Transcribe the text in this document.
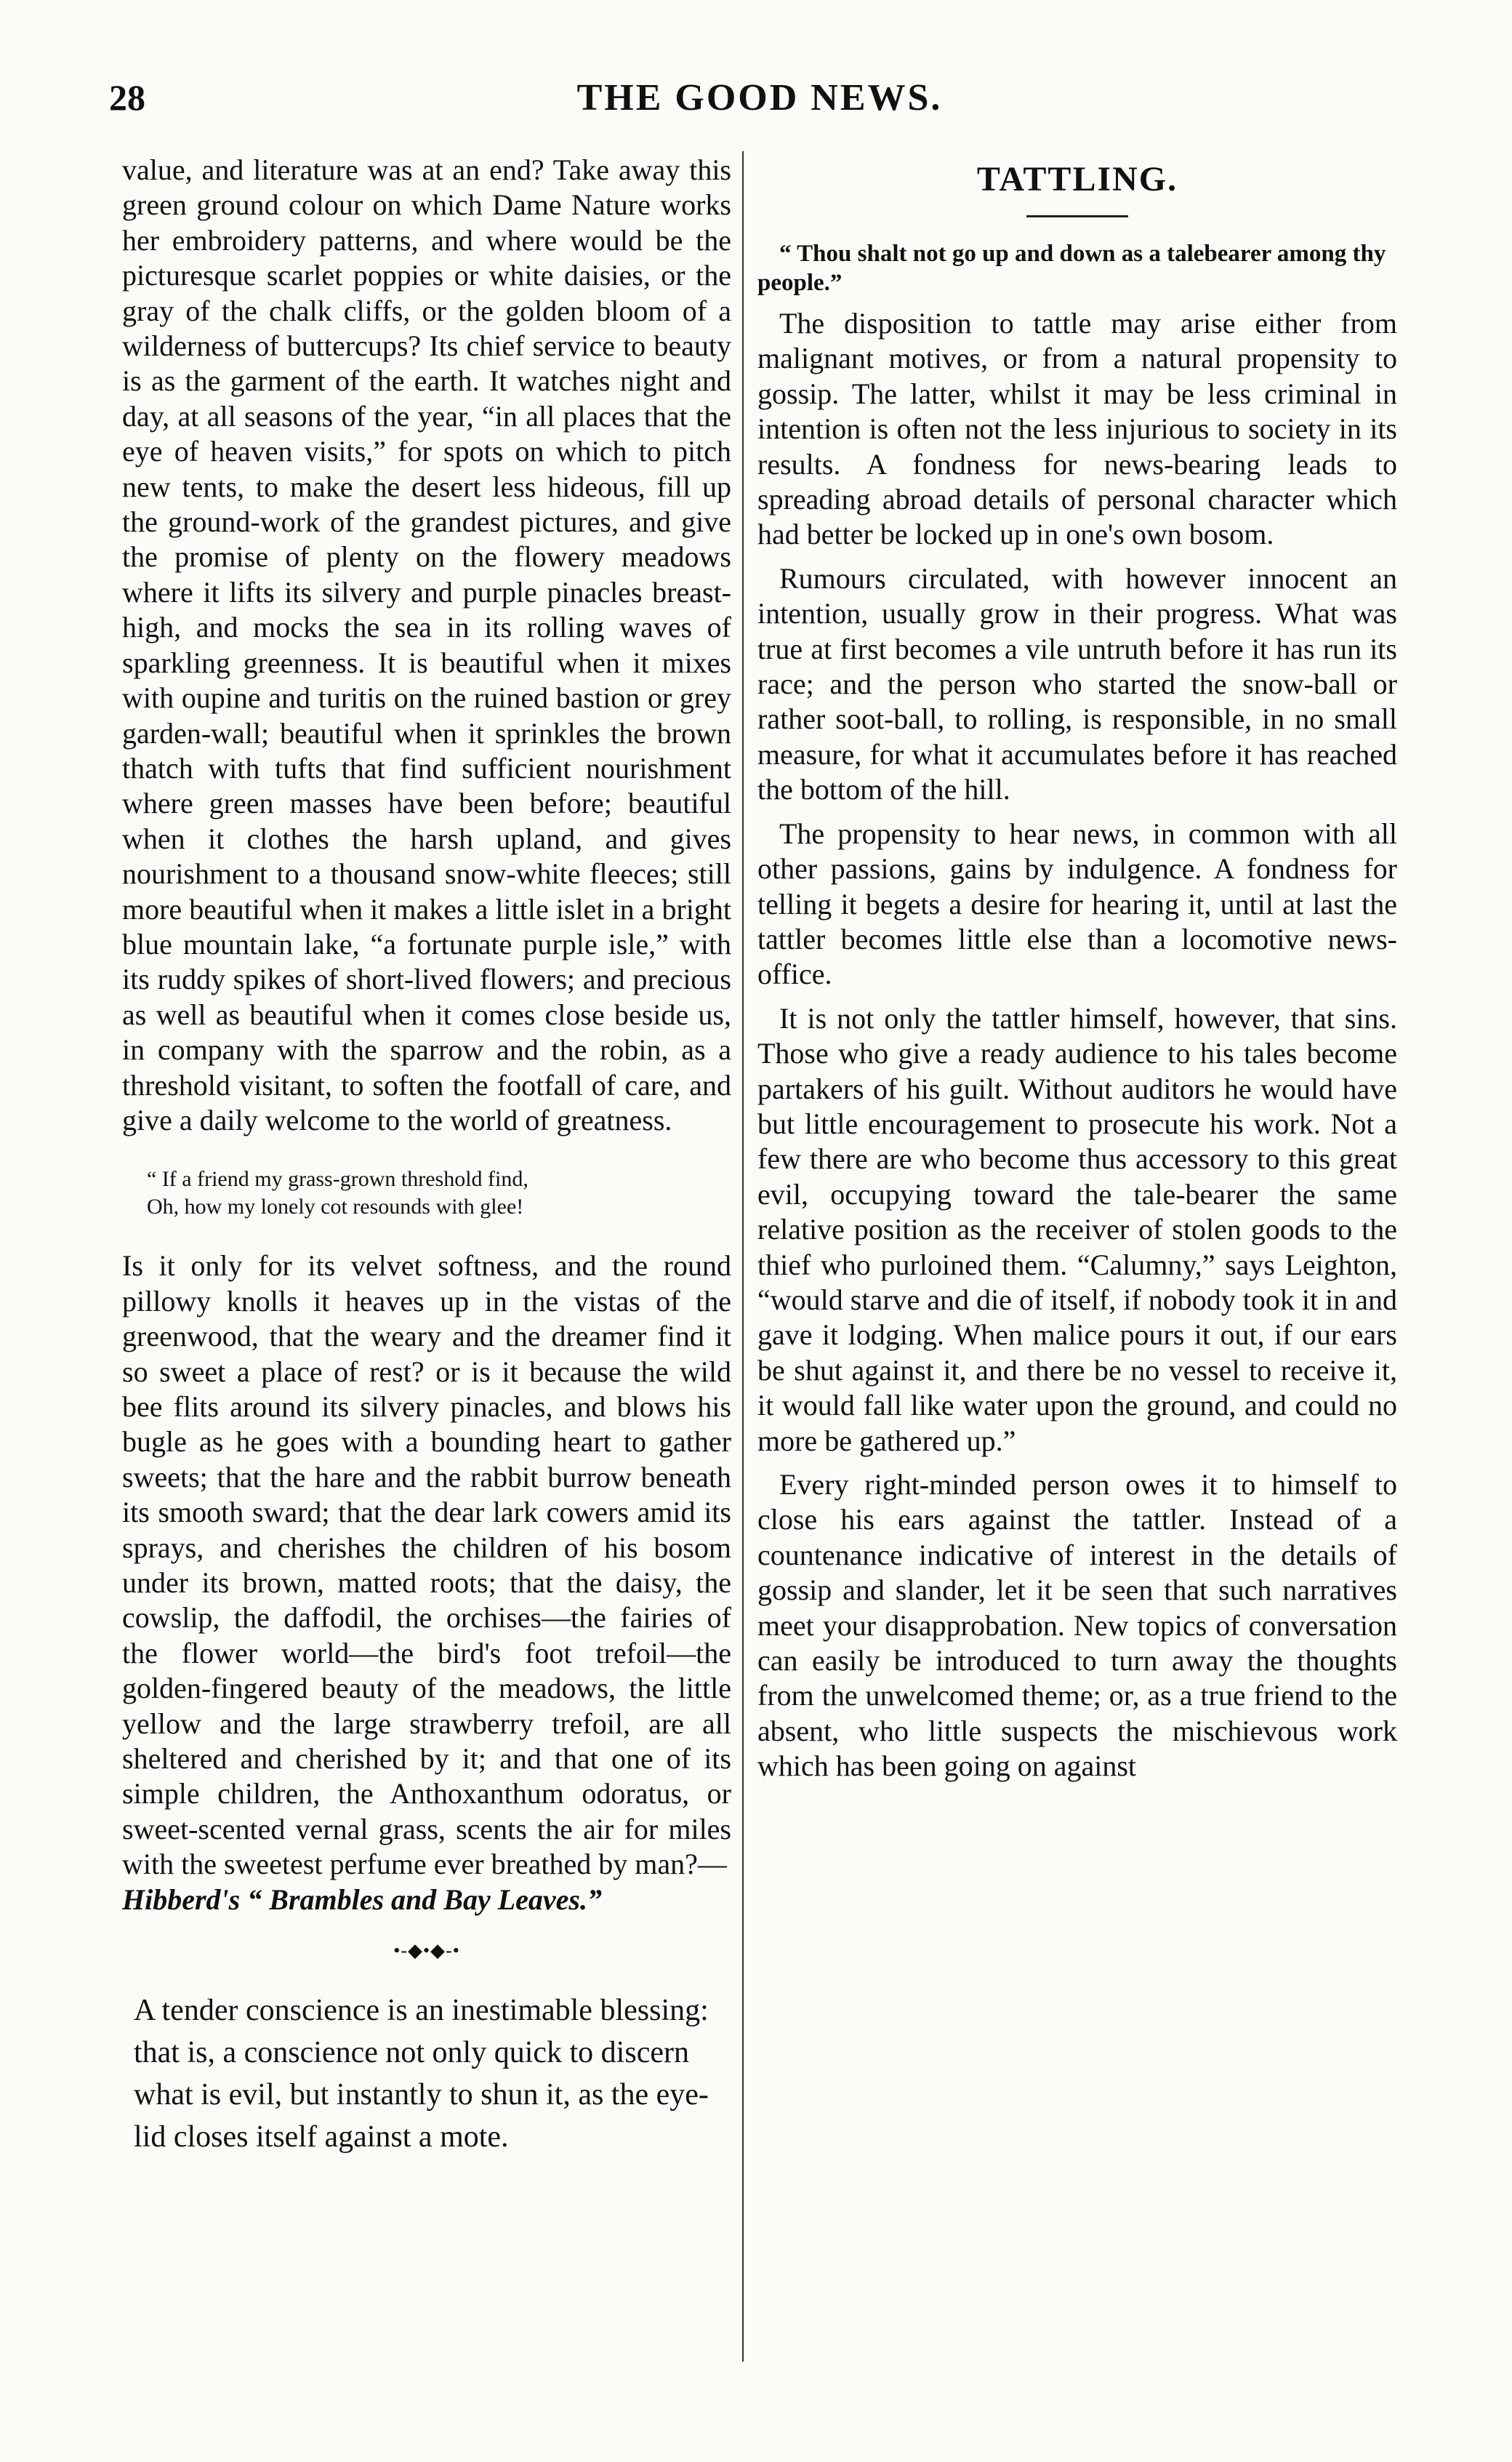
28	THE GOOD NEWS.

value, and literature was at an end? Take away this green ground colour on which Dame Nature works her embroidery patterns, and where would be the picturesque scarlet poppies or white daisies, or the gray of the chalk cliffs, or the golden bloom of a wilderness of buttercups? Its chief service to beauty is as the garment of the earth. It watches night and day, at all seasons of the year, “in all places that the eye of heaven visits,” for spots on which to pitch new tents, to make the desert less hideous, fill up the ground-work of the grandest pictures, and give the promise of plenty on the flowery meadows where it lifts its silvery and purple pinacles breast-high, and mocks the sea in its rolling waves of sparkling greenness. It is beautiful when it mixes with oupine and turitis on the ruined bastion or grey garden-wall; beautiful when it sprinkles the brown thatch with tufts that find sufficient nourishment where green masses have been before; beautiful when it clothes the harsh upland, and gives nourishment to a thousand snow-white fleeces; still more beautiful when it makes a little islet in a bright blue mountain lake, “a fortunate purple isle,” with its ruddy spikes of short-lived flowers; and precious as well as beautiful when it comes close beside us, in company with the sparrow and the robin, as a threshold visitant, to soften the footfall of care, and give a daily welcome to the world of greatness.

“ If a friend my grass-grown threshold find,
Oh, how my lonely cot resounds with glee!

Is it only for its velvet softness, and the round pillowy knolls it heaves up in the vistas of the greenwood, that the weary and the dreamer find it so sweet a place of rest? or is it because the wild bee flits around its silvery pinacles, and blows his bugle as he goes with a bounding heart to gather sweets; that the hare and the rabbit burrow beneath its smooth sward; that the dear lark cowers amid its sprays, and cherishes the children of his bosom under its brown, matted roots; that the daisy, the cowslip, the daffodil, the orchises—the fairies of the flower world—the bird's foot trefoil—the golden-fingered beauty of the meadows, the little yellow and the large strawberry trefoil, are all sheltered and cherished by it; and that one of its simple children, the Anthoxanthum odoratus, or sweet-scented vernal grass, scents the air for miles with the sweetest perfume ever breathed by man?—

Hibberd's “ Brambles and Bay Leaves.”

•-◆•◆-•

A tender conscience is an inestimable blessing: that is, a conscience not only quick to discern what is evil, but instantly to shun it, as the eye-lid closes itself against a mote.

TATTLING.

“ Thou shalt not go up and down as a talebearer among thy people.”

The disposition to tattle may arise either from malignant motives, or from a natural propensity to gossip. The latter, whilst it may be less criminal in intention is often not the less injurious to society in its results. A fondness for news-bearing leads to spreading abroad details of personal character which had better be locked up in one's own bosom.

Rumours circulated, with however innocent an intention, usually grow in their progress. What was true at first becomes a vile untruth before it has run its race; and the person who started the snow-ball or rather soot-ball, to rolling, is responsible, in no small measure, for what it accumulates before it has reached the bottom of the hill.

The propensity to hear news, in common with all other passions, gains by indulgence. A fondness for telling it begets a desire for hearing it, until at last the tattler becomes little else than a locomotive news-office.

It is not only the tattler himself, however, that sins. Those who give a ready audience to his tales become partakers of his guilt. Without auditors he would have but little encouragement to prosecute his work. Not a few there are who become thus accessory to this great evil, occupying toward the tale-bearer the same relative position as the receiver of stolen goods to the thief who purloined them. “Calumny,” says Leighton, “would starve and die of itself, if nobody took it in and gave it lodging. When malice pours it out, if our ears be shut against it, and there be no vessel to receive it, it would fall like water upon the ground, and could no more be gathered up.”

Every right-minded person owes it to himself to close his ears against the tattler. Instead of a countenance indicative of interest in the details of gossip and slander, let it be seen that such narratives meet your disapprobation. New topics of conversation can easily be introduced to turn away the thoughts from the unwelcomed theme; or, as a true friend to the absent, who little suspects the mischievous work which has been going on against
